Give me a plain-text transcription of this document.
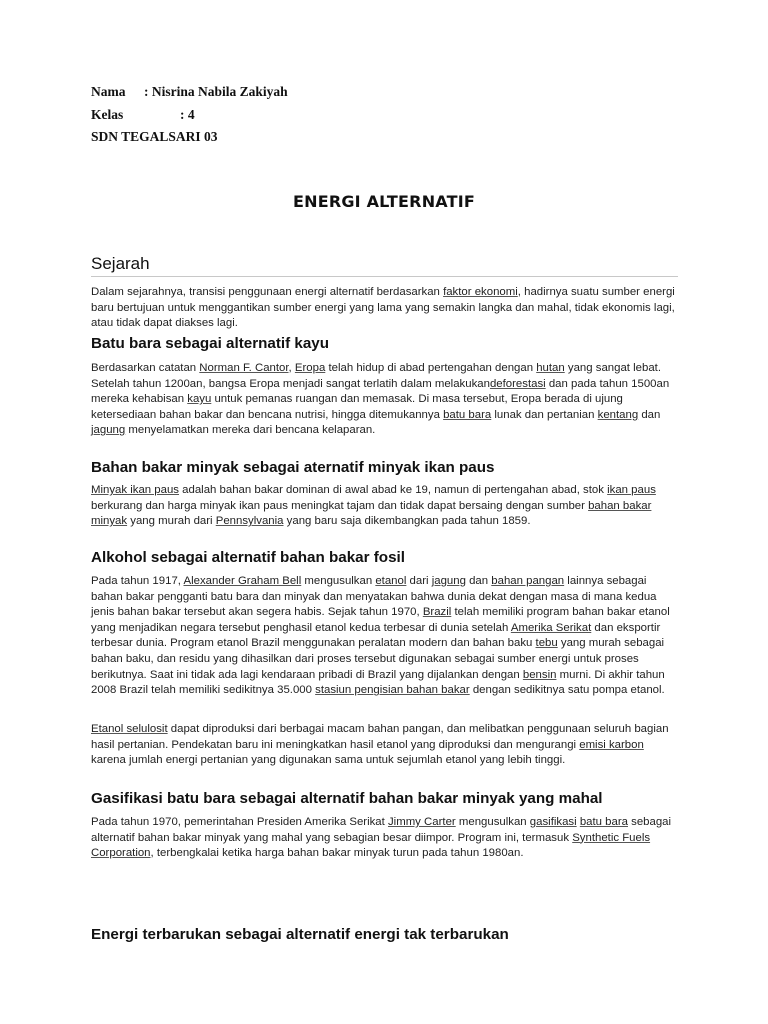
Nama : Nisrina Nabila Zakiyah
Kelas	: 4
SDN TEGALSARI 03
ENERGI ALTERNATIF
Sejarah
Dalam sejarahnya, transisi penggunaan energi alternatif berdasarkan faktor ekonomi, hadirnya suatu sumber energi baru bertujuan untuk menggantikan sumber energi yang lama yang semakin langka dan mahal, tidak ekonomis lagi, atau tidak dapat diakses lagi.
Batu bara sebagai alternatif kayu
Berdasarkan catatan Norman F. Cantor, Eropa telah hidup di abad pertengahan dengan hutan yang sangat lebat. Setelah tahun 1200an, bangsa Eropa menjadi sangat terlatih dalam melakukandeforestasi dan pada tahun 1500an mereka kehabisan kayu untuk pemanas ruangan dan memasak. Di masa tersebut, Eropa berada di ujung ketersediaan bahan bakar dan bencana nutrisi, hingga ditemukannya batu bara lunak dan pertanian kentang dan jagung menyelamatkan mereka dari bencana kelaparan.
Bahan bakar minyak sebagai aternatif minyak ikan paus
Minyak ikan paus adalah bahan bakar dominan di awal abad ke 19, namun di pertengahan abad, stok ikan paus berkurang dan harga minyak ikan paus meningkat tajam dan tidak dapat bersaing dengan sumber bahan bakar minyak yang murah dari Pennsylvania yang baru saja dikembangkan pada tahun 1859.
Alkohol sebagai alternatif bahan bakar fosil
Pada tahun 1917, Alexander Graham Bell mengusulkan etanol dari jagung dan bahan pangan lainnya sebagai bahan bakar pengganti batu bara dan minyak dan menyatakan bahwa dunia dekat dengan masa di mana kedua jenis bahan bakar tersebut akan segera habis. Sejak tahun 1970, Brazil telah memiliki program bahan bakar etanol yang menjadikan negara tersebut penghasil etanol kedua terbesar di dunia setelah Amerika Serikat dan eksportir terbesar dunia. Program etanol Brazil menggunakan peralatan modern dan bahan baku tebu yang murah sebagai bahan baku, dan residu yang dihasilkan dari proses tersebut digunakan sebagai sumber energi untuk proses berikutnya. Saat ini tidak ada lagi kendaraan pribadi di Brazil yang dijalankan dengan bensin murni. Di akhir tahun 2008 Brazil telah memiliki sedikitnya 35.000 stasiun pengisian bahan bakar dengan sedikitnya satu pompa etanol.
Etanol selulosit dapat diproduksi dari berbagai macam bahan pangan, dan melibatkan penggunaan seluruh bagian hasil pertanian. Pendekatan baru ini meningkatkan hasil etanol yang diproduksi dan mengurangi emisi karbon karena jumlah energi pertanian yang digunakan sama untuk sejumlah etanol yang lebih tinggi.
Gasifikasi batu bara sebagai alternatif bahan bakar minyak yang mahal
Pada tahun 1970, pemerintahan Presiden Amerika Serikat Jimmy Carter mengusulkan gasifikasi batu bara sebagai alternatif bahan bakar minyak yang mahal yang sebagian besar diimpor. Program ini, termasuk Synthetic Fuels Corporation, terbengkalai ketika harga bahan bakar minyak turun pada tahun 1980an.
Energi terbarukan sebagai alternatif energi tak terbarukan
